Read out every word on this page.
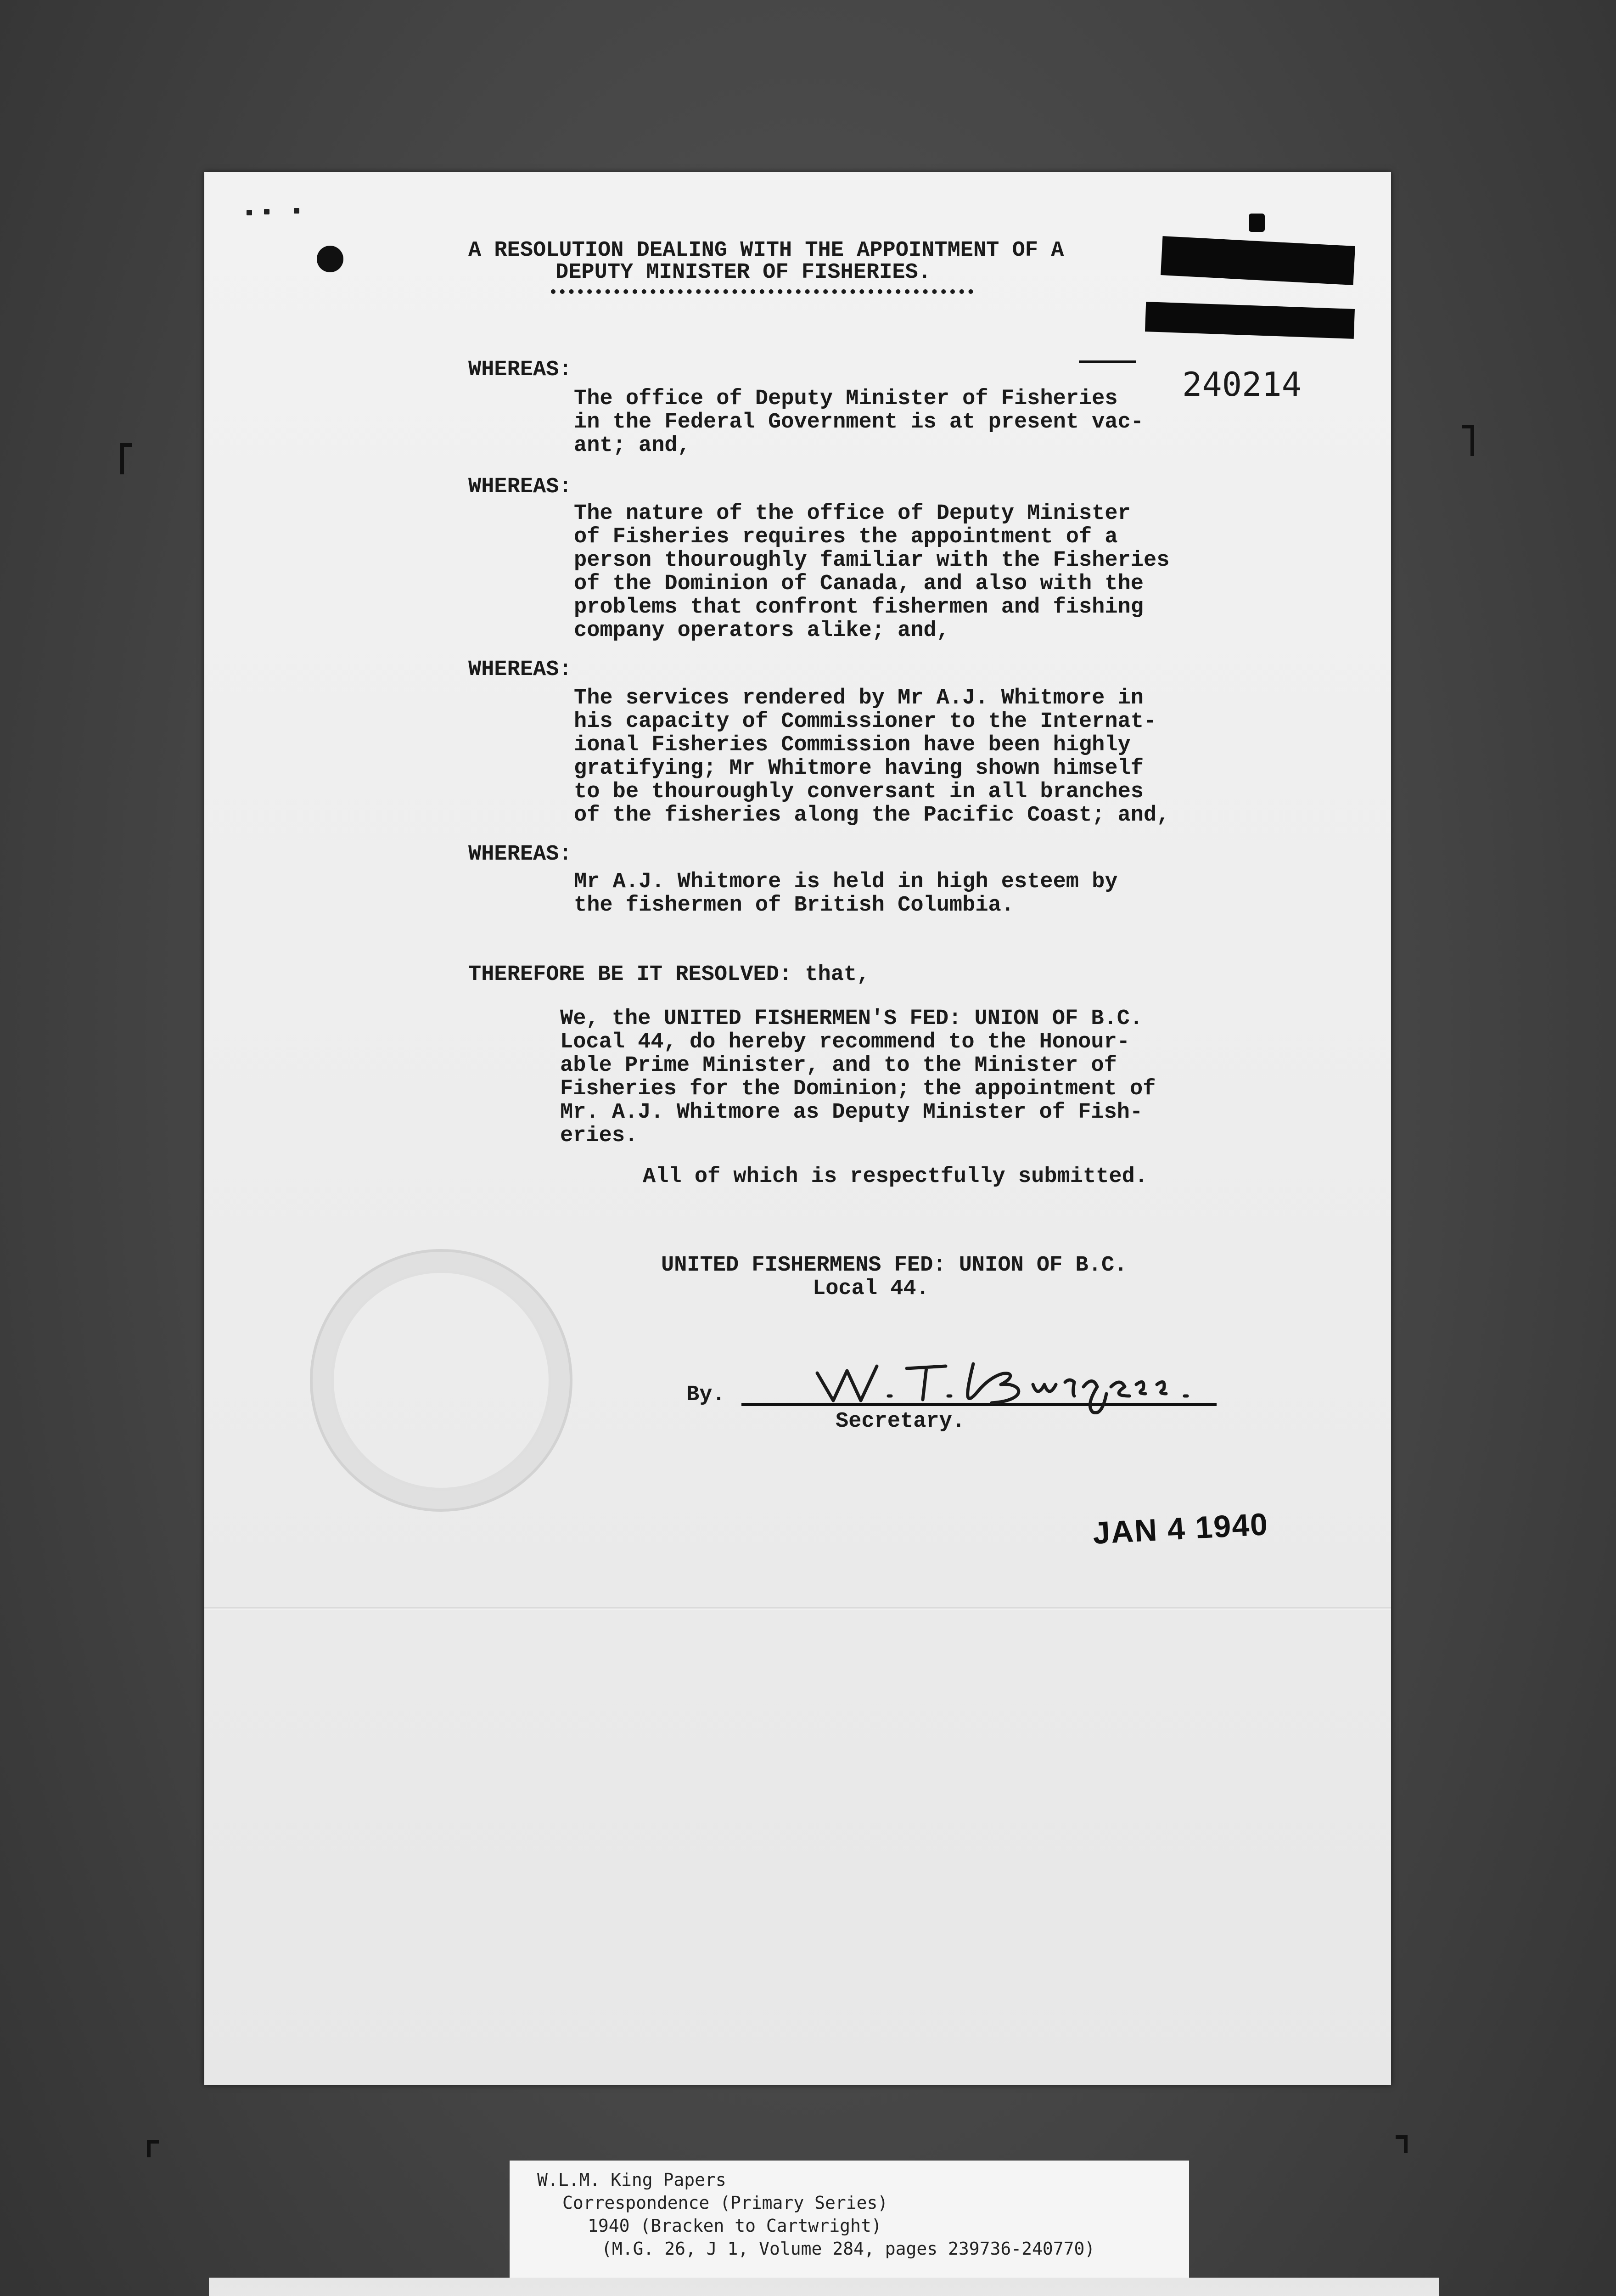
A RESOLUTION DEALING WITH THE APPOINTMENT OF A
DEPUTY MINISTER OF FISHERIES.
WHEREAS:
The office of Deputy Minister of Fisheries
in the Federal Government is at present vac-
ant; and,
WHEREAS:
The nature of the office of Deputy Minister
of Fisheries requires the appointment of a
person thouroughly familiar with the Fisheries
of the Dominion of Canada, and also with the
problems that confront fishermen and fishing
company operators alike; and,
WHEREAS:
The services rendered by Mr A.J. Whitmore in
his capacity of Commissioner to the Internat-
ional Fisheries Commission have been highly
gratifying; Mr Whitmore having shown himself
to be thouroughly conversant in all branches
of the fisheries along the Pacific Coast; and,
WHEREAS:
Mr A.J. Whitmore is held in high esteem by
the fishermen of British Columbia.
THEREFORE BE IT RESOLVED: that,
We, the UNITED FISHERMEN'S FED: UNION OF B.C.
Local 44, do hereby recommend to the Honour-
able Prime Minister, and to the Minister of
Fisheries for the Dominion; the appointment of
Mr. A.J. Whitmore as Deputy Minister of Fish-
eries.
All of which is respectfully submitted.
UNITED FISHERMENS FED: UNION OF B.C.
Local 44.
By.
Secretary.
240214
JAN 4 1940
W.L.M. King Papers
Correspondence (Primary Series)
1940 (Bracken to Cartwright)
(M.G. 26, J 1, Volume 284, pages 239736-240770)
